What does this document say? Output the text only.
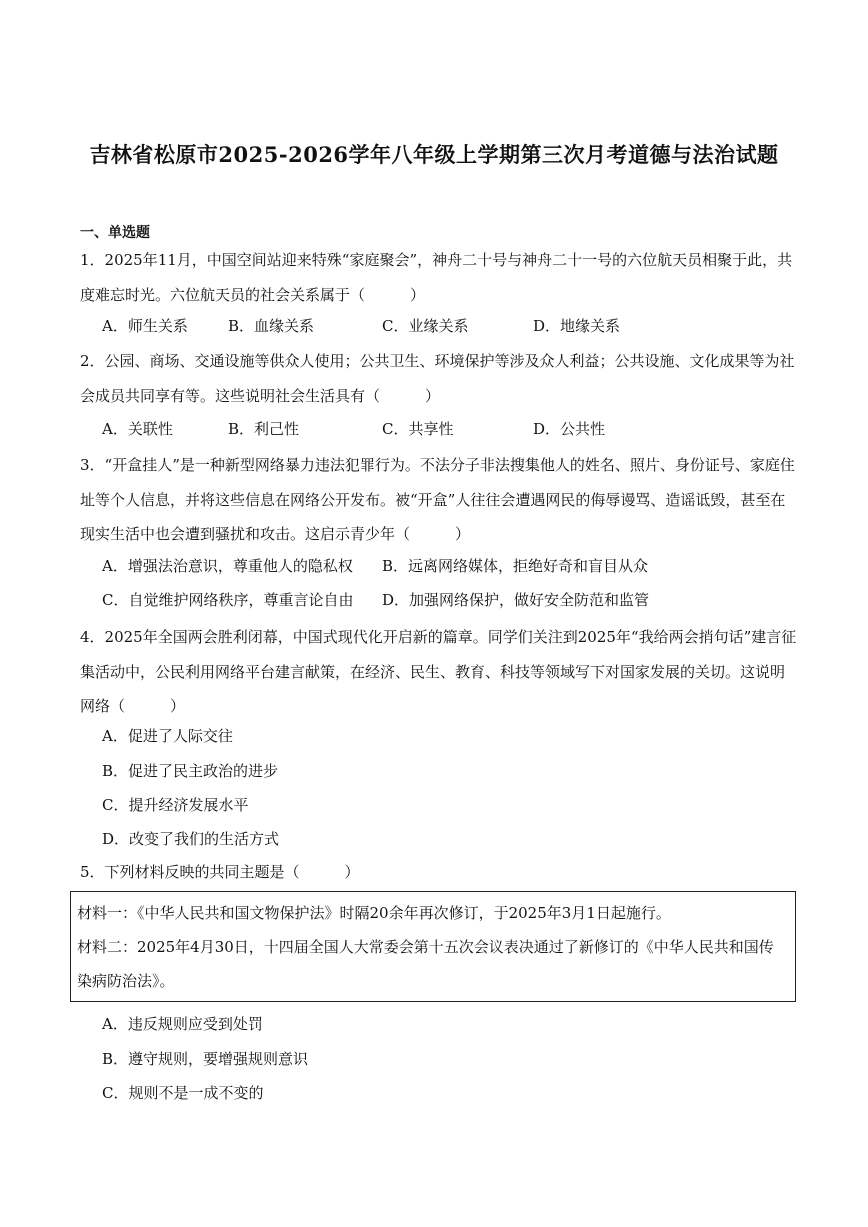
吉林省松原市2025-2026学年八年级上学期第三次月考道德与法治试题
一、单选题
1．2025年11月，中国空间站迎来特殊“家庭聚会”，神舟二十号与神舟二十一号的六位航天员相聚于此，共度难忘时光。六位航天员的社会关系属于（　　　）
A．师生关系	B．血缘关系	C．业缘关系	D．地缘关系
2．公园、商场、交通设施等供众人使用；公共卫生、环境保护等涉及众人利益；公共设施、文化成果等为社会成员共同享有等。这些说明社会生活具有（　　　）
A．关联性	B．利己性	C．共享性	D．公共性
3．“开盒挂人”是一种新型网络暴力违法犯罪行为。不法分子非法搜集他人的姓名、照片、身份证号、家庭住址等个人信息，并将这些信息在网络公开发布。被“开盒”人往往会遭遇网民的侮辱谩骂、造谣诋毁，甚至在现实生活中也会遭到骚扰和攻击。这启示青少年（　　　）
A．增强法治意识，尊重他人的隐私权 B．远离网络媒体，拒绝好奇和盲目从众
C．自觉维护网络秩序，尊重言论自由 D．加强网络保护，做好安全防范和监管
4．2025年全国两会胜利闭幕，中国式现代化开启新的篇章。同学们关注到2025年“我给两会捎句话”建言征集活动中，公民利用网络平台建言献策，在经济、民生、教育、科技等领域写下对国家发展的关切。这说明网络（　　　）
A．促进了人际交往
B．促进了民主政治的进步
C．提升经济发展水平
D．改变了我们的生活方式
5．下列材料反映的共同主题是（　　　）

材料一：《中华人民共和国文物保护法》时隔20余年再次修订，于2025年3月1日起施行。

材料二：2025年4月30日，十四届全国人大常委会第十五次会议表决通过了新修订的《中华人民共和国传染病防治法》。

A．违反规则应受到处罚
B．遵守规则，要增强规则意识
C．规则不是一成不变的
